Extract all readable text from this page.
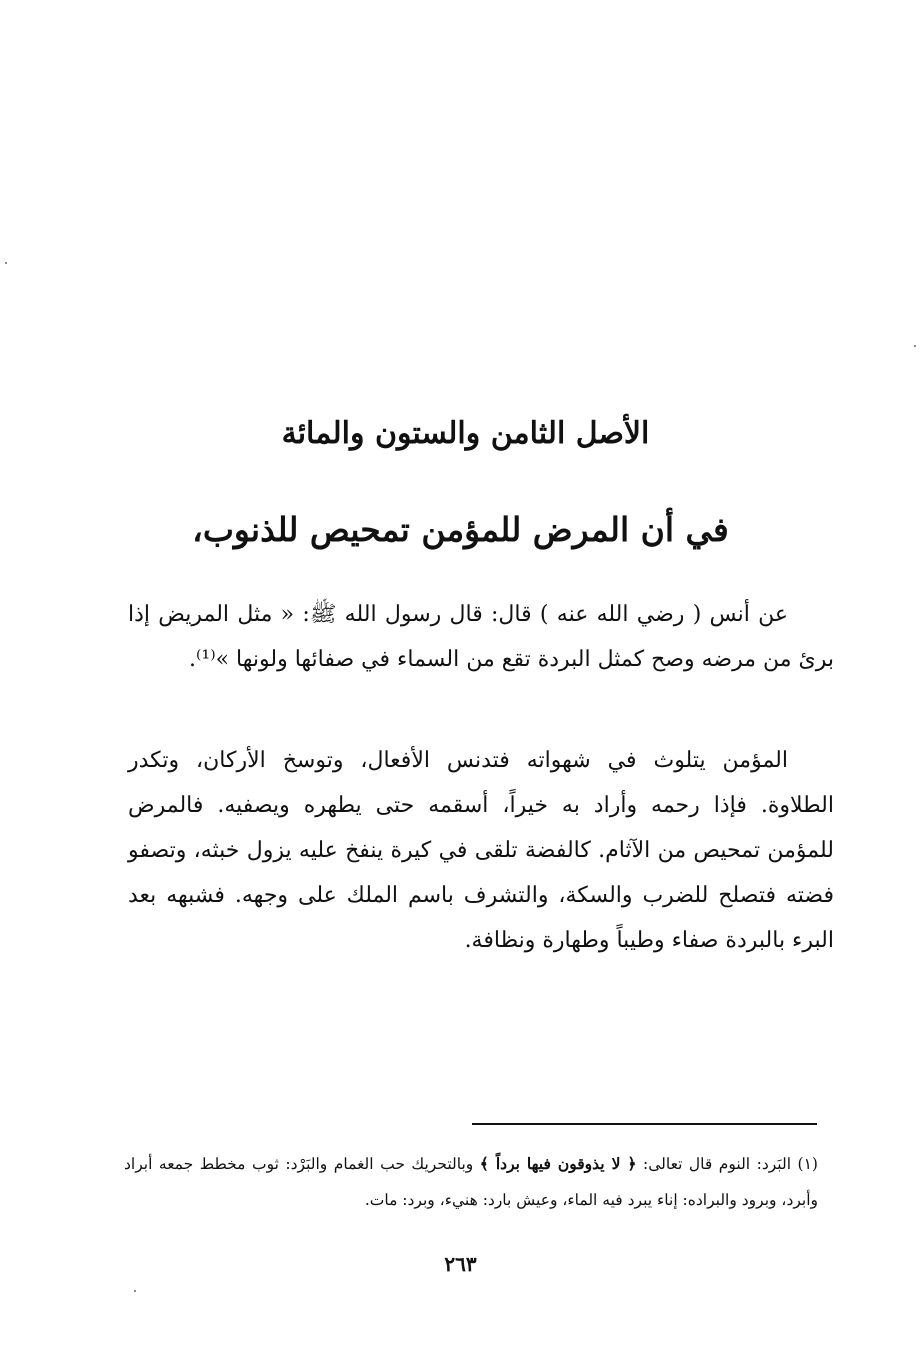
الأصل الثامن والستون والمائة
في أن المرض للمؤمن تمحيص للذنوب،

عن أنس ( رضي الله عنه ) قال: قال رسول الله ﷺ: « مثل المريض إذا برئ من مرضه وصح كمثل البردة تقع من السماء في صفائها ولونها »⁽¹⁾.

المؤمن يتلوث في شهواته فتدنس الأفعال، وتوسخ الأركان، وتكدر الطلاوة. فإذا رحمه وأراد به خيراً، أسقمه حتى يطهره ويصفيه. فالمرض للمؤمن تمحيص من الآثام. كالفضة تلقى في كيرة ينفخ عليه يزول خبثه، وتصفو فضته فتصلح للضرب والسكة، والتشرف باسم الملك على وجهه. فشبهه بعد البرء بالبردة صفاء وطيباً وطهارة ونظافة.

(١) البَرد: النوم قال تعالى: ﴿ لا يذوقون فيها برداً ﴾ وبالتحريك حب الغمام والبَرْد: ثوب مخطط جمعه أبراد وأبرد، وبرود والبراده: إناء يبرد فيه الماء، وعيش بارد: هنيء، وبرد: مات.

٢٦٣
